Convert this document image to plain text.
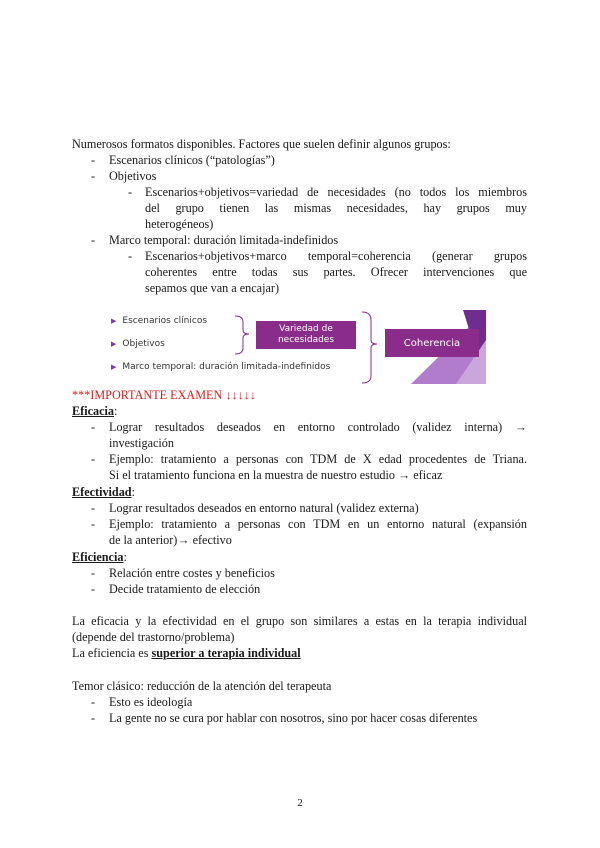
Numerosos formatos disponibles. Factores que suelen definir algunos grupos:
- Escenarios clínicos (“patologías”)
- Objetivos
- Escenarios+objetivos=variedad de necesidades (no todos los miembros
del grupo tienen las mismas necesidades, hay grupos muy
heterogéneos)
- Marco temporal: duración limitada-indefinidos
- Escenarios+objetivos+marco temporal=coherencia (generar grupos
coherentes entre todas sus partes. Ofrecer intervenciones que
sepamos que van a encajar)
▶ Escenarios clínicos
▶ Objetivos
▶ Marco temporal: duración limitada-indefinidos
Variedad de
necesidades	Coherencia
***IMPORTANTE EXAMEN ↓↓↓↓↓
Eficacia:
- Lograr resultados deseados en entorno controlado (validez interna) →
investigación
- Ejemplo: tratamiento a personas con TDM de X edad procedentes de Triana.
Si el tratamiento funciona en la muestra de nuestro estudio → eficaz
Efectividad:
- Lograr resultados deseados en entorno natural (validez externa)
- Ejemplo: tratamiento a personas con TDM en un entorno natural (expansión
de la anterior)→ efectivo
Eficiencia:
- Relación entre costes y beneficios
- Decide tratamiento de elección
La eficacia y la efectividad en el grupo son similares a estas en la terapia individual
(depende del trastorno/problema)
La eficiencia es superior a terapia individual
Temor clásico: reducción de la atención del terapeuta
- Esto es ideología
- La gente no se cura por hablar con nosotros, sino por hacer cosas diferentes
2
